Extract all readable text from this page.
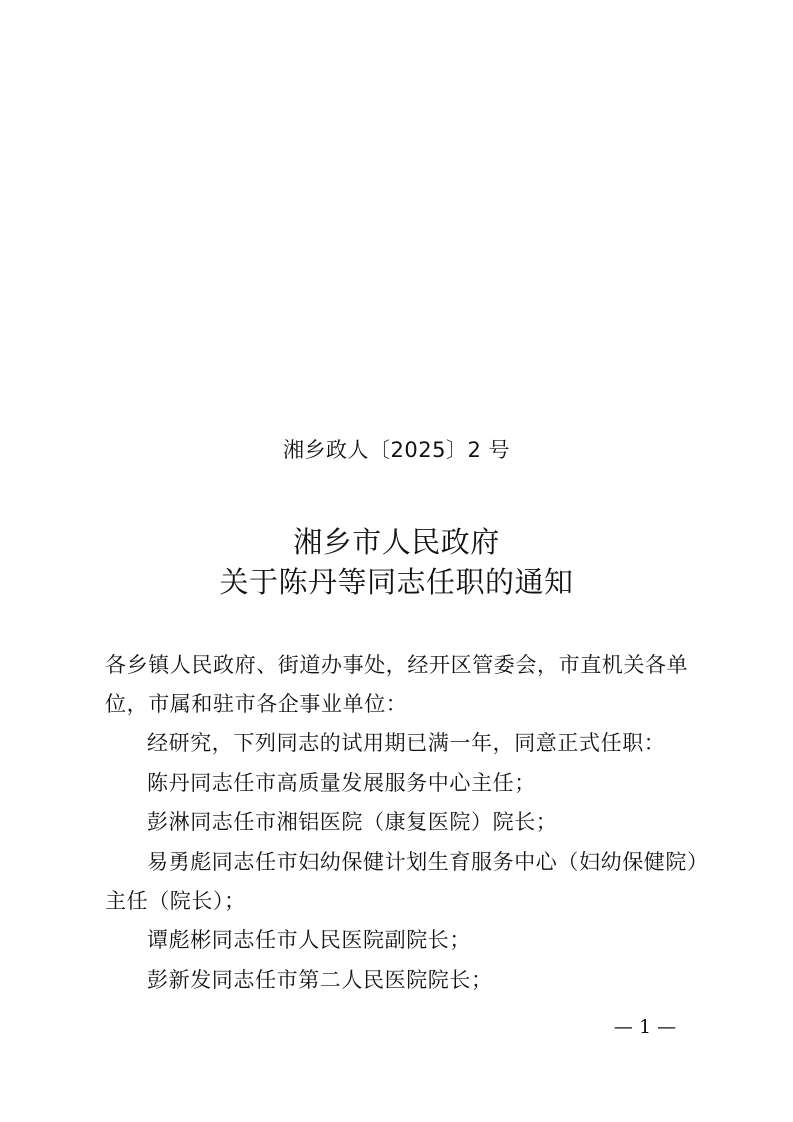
湘乡政人〔2025〕2 号
湘乡市人民政府
关于陈丹等同志任职的通知
各乡镇人民政府、街道办事处，经开区管委会，市直机关各单
位，市属和驻市各企事业单位：
经研究，下列同志的试用期已满一年，同意正式任职：
陈丹同志任市高质量发展服务中心主任；
彭淋同志任市湘铝医院（康复医院）院长；
易勇彪同志任市妇幼保健计划生育服务中心（妇幼保健院）
主任（院长）；
谭彪彬同志任市人民医院副院长；
彭新发同志任市第二人民医院院长；
— 1 —
